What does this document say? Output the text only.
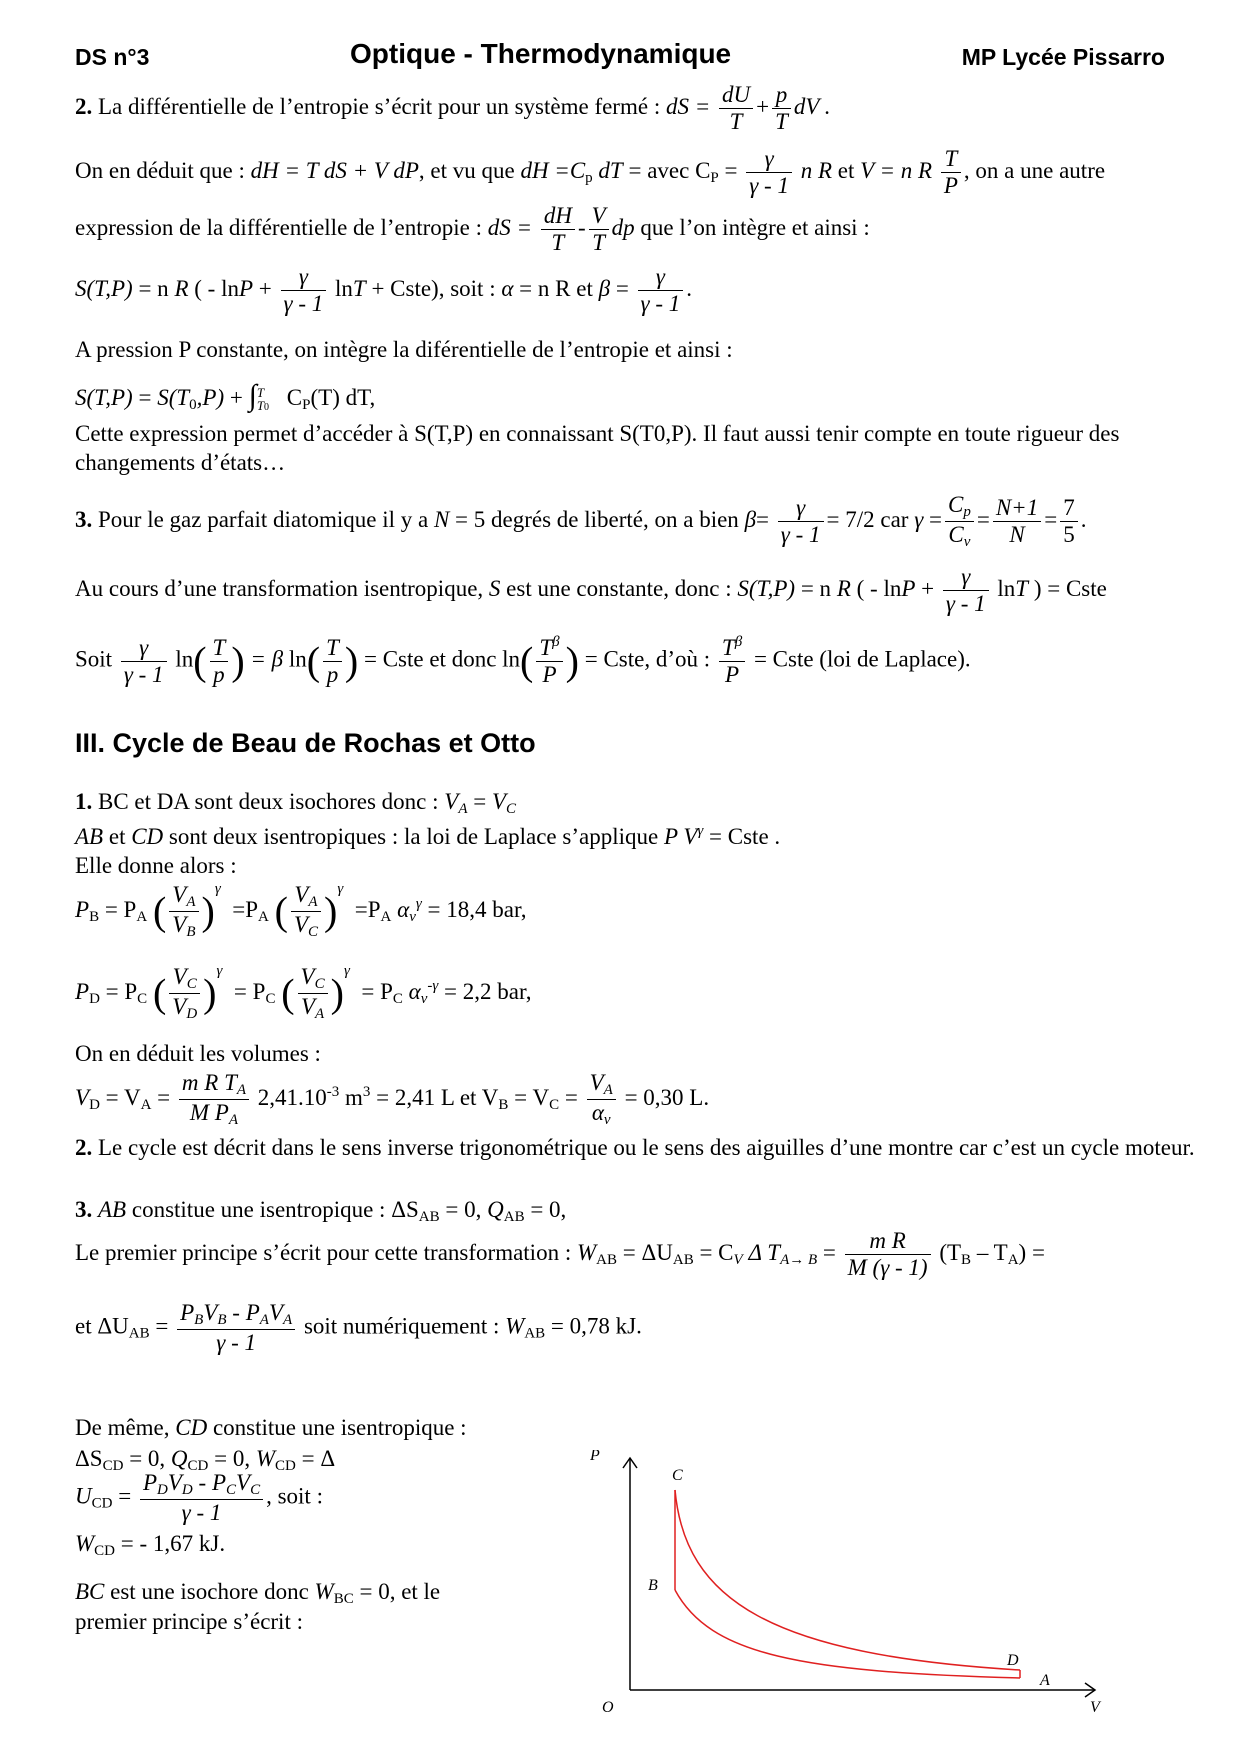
DS n°3	Optique - Thermodynamique	MP Lycée Pissarro
2. La différentielle de l’entropie s’écrit pour un système fermé : dS = $\frac{dU}{T} + \frac{p}{T}$ dV .
On en déduit que : dH = T dS + V dP, et vu que dH $=C_p$ dT = avec $C_P = \frac{\gamma}{\gamma - 1}$ n R et V = n R $\frac{T}{P}$ , on a une autre
expression de la différentielle de l’entropie : dS = $\frac{dH}{T} - \frac{V}{T}$ dp que l’on intègre et ainsi :
S(T,P) = n R ( - $\ln P + \frac{\gamma}{\gamma - 1}$ lnT + Cste), soit : α = n R et $\beta = \frac{\gamma}{\gamma - 1}$ .
A pression P constante, on intègre la diférentielle de l’entropie et ainsi :
$S(T,P) = S(T_0,P)$ + ∫ T
T0 $C_P(T)$ dT,
Cette expression permet d’accéder à S(T,P) en connaissant S(T0,P). Il faut aussi tenir compte en toute rigueur des changements d’états…
3. Pour le gaz parfait diatomique il y a N = 5 degrés de liberté, on a bien $\beta= \frac{\gamma}{\gamma - 1} = 7/2$ car $\gamma = \frac{C_p}{C_v} = \frac{N+1}{N} = \frac{7}{5}$ .
Au cours d’une transformation isentropique, S est une constante, donc : S(T,P) = n R ( - $\ln P + \frac{\gamma}{\gamma - 1}$ lnT ) = Cste
Soit $\frac{\gamma}{\gamma - 1} \ln( \frac{T}{p}$ ) = β $\ln( \frac{T}{p}$ ) = Cste et donc $\ln( \frac{T^\beta}{P}$ ) = Cste, d’où : $\frac{T^\beta}{P}$ = Cste (loi de Laplace).
III. Cycle de Beau de Rochas et Otto
1. BC et DA sont deux isochores donc : $V_A = V_C$
AB et CD sont deux isentropiques : la loi de Laplace s’applique P $V^\gamma$ = Cste .
Elle donne alors :
$P_B = P_A$ ( $\frac{V_A}{V_B} )^\gamma =P_A$ ( $\frac{V_A}{V_C} )^\gamma =P_A$ $\alpha_v^\gamma = 18,4$ bar,
$P_D = P_C$ ( $\frac{V_C}{V_D} )^\gamma = P_C$ ( $\frac{V_C}{V_A} )^\gamma = P_C$ $\alpha_v^{-\gamma} = 2,2$ bar,
On en déduit les volumes :
$V_D = V_A = \frac{m R T_A}{M P_A} 2,41.10^{-3}$ $m^3 = 2,41$ L et $V_B = V_C = \frac{V_A}{\alpha_v} = 0,30$ L.
2. Le cycle est décrit dans le sens inverse trigonométrique ou le sens des aiguilles d’une montre car c’est un cycle moteur.
3. AB constitue une isentropique : $\Delta S_{AB} = 0$, $Q_{AB} = 0$,
Le premier principe s’écrit pour cette transformation : $W_{AB} = \Delta U_{AB} = C_V$ Δ $T_{A\to B} = \frac{\text{m R}}{M (\gamma - 1)} (T_B - T_A)$ =
et $\Delta U_{AB} = \frac{P_BV_B - P_AV_A}{\gamma - 1}$ soit numériquement : $W_{AB} = 0,78$ kJ.
De même, CD constitue une isentropique :
$\Delta S_{CD} = 0$, $Q_{CD} = 0$, $W_{CD} = \Delta$
$U_{CD} = \frac{P_DV_D - P_CV_C}{\gamma - 1}$ , soit :
$W_{CD}$ = - 1,67 kJ.
BC est une isochore donc $W_{BC} = 0$, et le
premier principe s’écrit :
P
V
O
C
B
D
A
